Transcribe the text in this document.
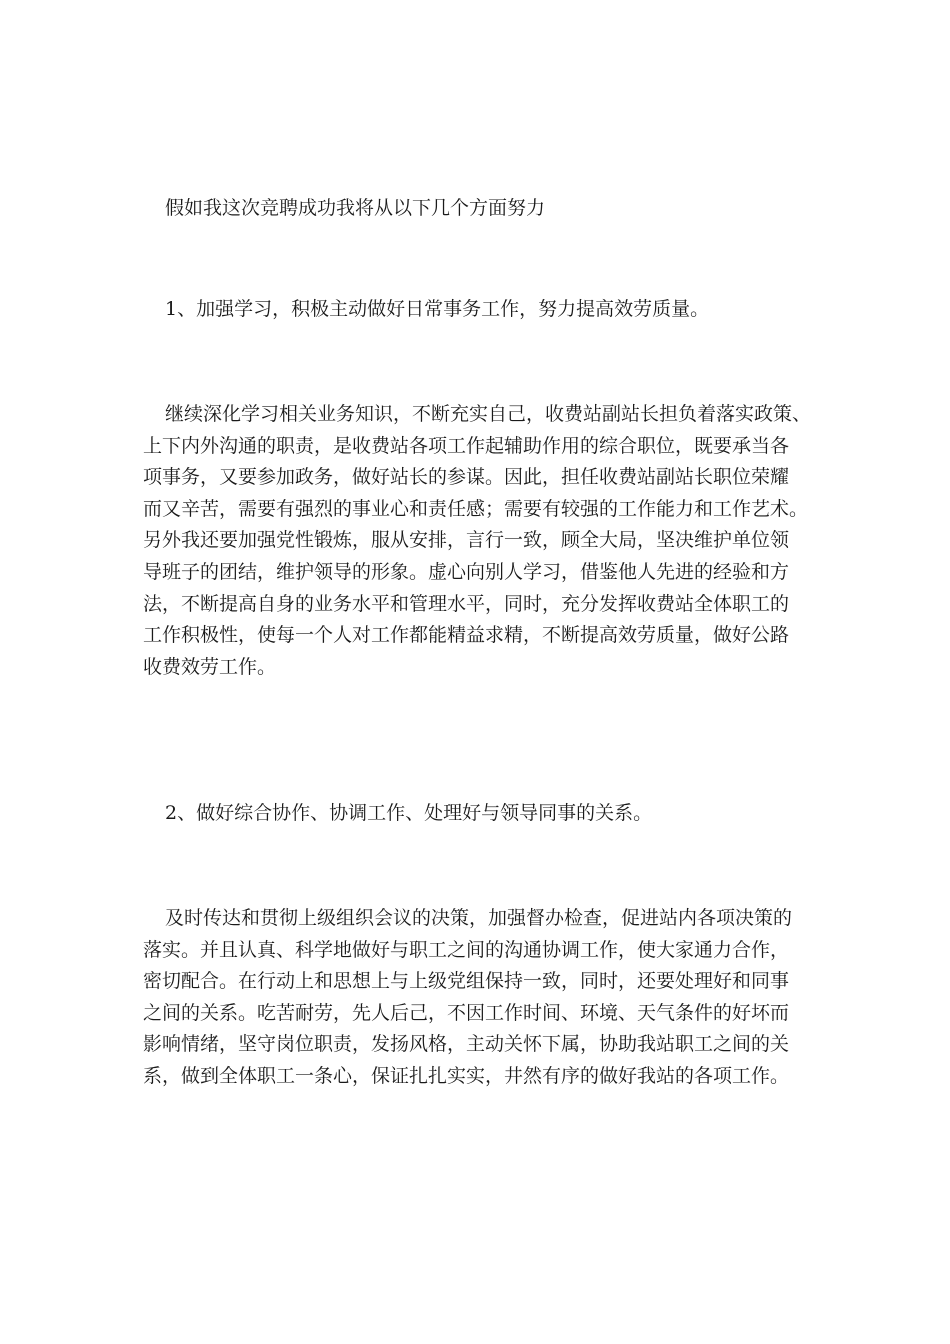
假如我这次竞聘成功我将从以下几个方面努力

1、加强学习，积极主动做好日常事务工作，努力提高效劳质量。

继续深化学习相关业务知识，不断充实自己，收费站副站长担负着落实政策、
上下内外沟通的职责，是收费站各项工作起辅助作用的综合职位，既要承当各
项事务，又要参加政务，做好站长的参谋。因此，担任收费站副站长职位荣耀
而又辛苦，需要有强烈的事业心和责任感；需要有较强的工作能力和工作艺术。
另外我还要加强党性锻炼，服从安排，言行一致，顾全大局，坚决维护单位领
导班子的团结，维护领导的形象。虚心向别人学习，借鉴他人先进的经验和方
法，不断提高自身的业务水平和管理水平，同时，充分发挥收费站全体职工的
工作积极性，使每一个人对工作都能精益求精，不断提高效劳质量，做好公路
收费效劳工作。

2、做好综合协作、协调工作、处理好与领导同事的关系。

及时传达和贯彻上级组织会议的决策，加强督办检查，促进站内各项决策的
落实。并且认真、科学地做好与职工之间的沟通协调工作，使大家通力合作，
密切配合。在行动上和思想上与上级党组保持一致，同时，还要处理好和同事
之间的关系。吃苦耐劳，先人后己，不因工作时间、环境、天气条件的好坏而
影响情绪，坚守岗位职责，发扬风格，主动关怀下属，协助我站职工之间的关
系，做到全体职工一条心，保证扎扎实实，井然有序的做好我站的各项工作。
